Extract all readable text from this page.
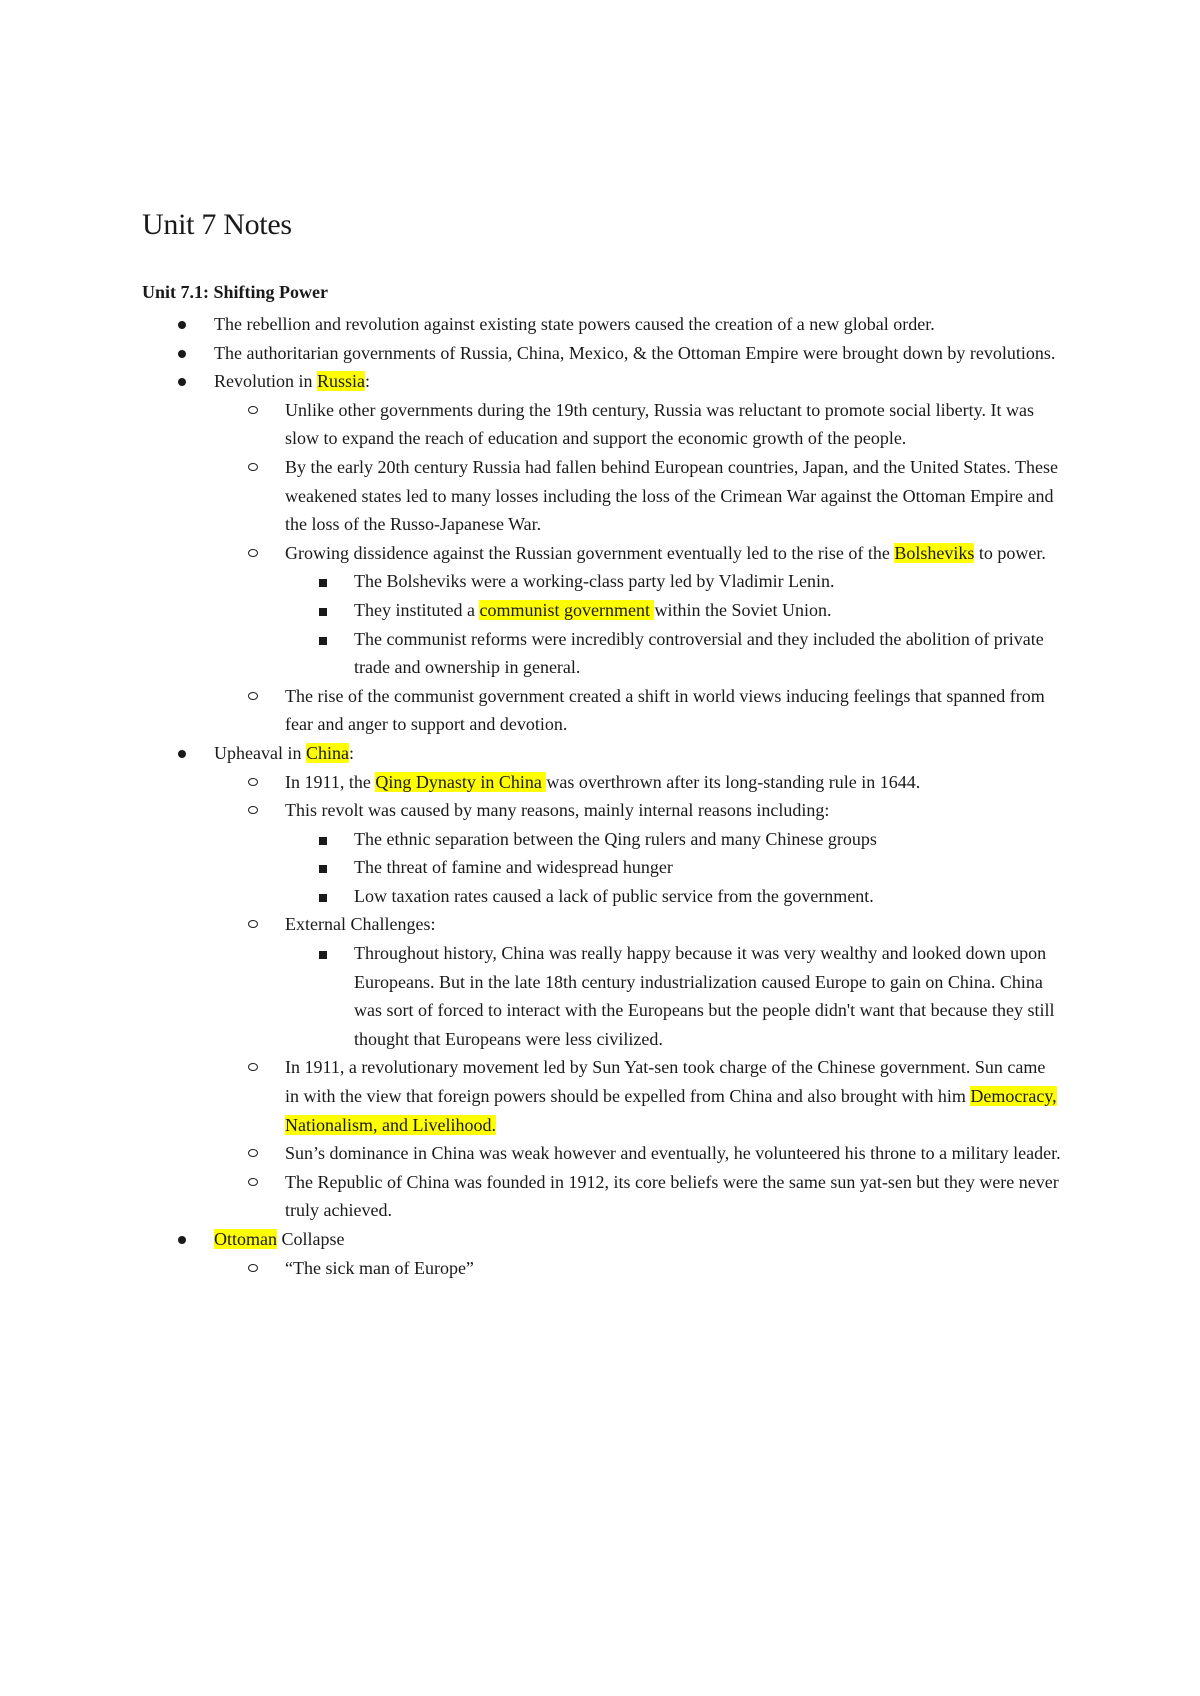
Unit 7 Notes
Unit 7.1: Shifting Power
The rebellion and revolution against existing state powers caused the creation of a new global order.
The authoritarian governments of Russia, China, Mexico, & the Ottoman Empire were brought down by revolutions.
Revolution in Russia:
Unlike other governments during the 19th century, Russia was reluctant to promote social liberty. It was slow to expand the reach of education and support the economic growth of the people.
By the early 20th century Russia had fallen behind European countries, Japan, and the United States. These weakened states led to many losses including the loss of the Crimean War against the Ottoman Empire and the loss of the Russo-Japanese War.
Growing dissidence against the Russian government eventually led to the rise of the Bolsheviks to power.
The Bolsheviks were a working-class party led by Vladimir Lenin.
They instituted a communist government within the Soviet Union.
The communist reforms were incredibly controversial and they included the abolition of private trade and ownership in general.
The rise of the communist government created a shift in world views inducing feelings that spanned from fear and anger to support and devotion.
Upheaval in China:
In 1911, the Qing Dynasty in China was overthrown after its long-standing rule in 1644.
This revolt was caused by many reasons, mainly internal reasons including:
The ethnic separation between the Qing rulers and many Chinese groups
The threat of famine and widespread hunger
Low taxation rates caused a lack of public service from the government.
External Challenges:
Throughout history, China was really happy because it was very wealthy and looked down upon Europeans. But in the late 18th century industrialization caused Europe to gain on China. China was sort of forced to interact with the Europeans but the people didn't want that because they still thought that Europeans were less civilized.
In 1911, a revolutionary movement led by Sun Yat-sen took charge of the Chinese government. Sun came in with the view that foreign powers should be expelled from China and also brought with him Democracy, Nationalism, and Livelihood.
Sun’s dominance in China was weak however and eventually, he volunteered his throne to a military leader.
The Republic of China was founded in 1912, its core beliefs were the same sun yat-sen but they were never truly achieved.
Ottoman Collapse
“The sick man of Europe”
